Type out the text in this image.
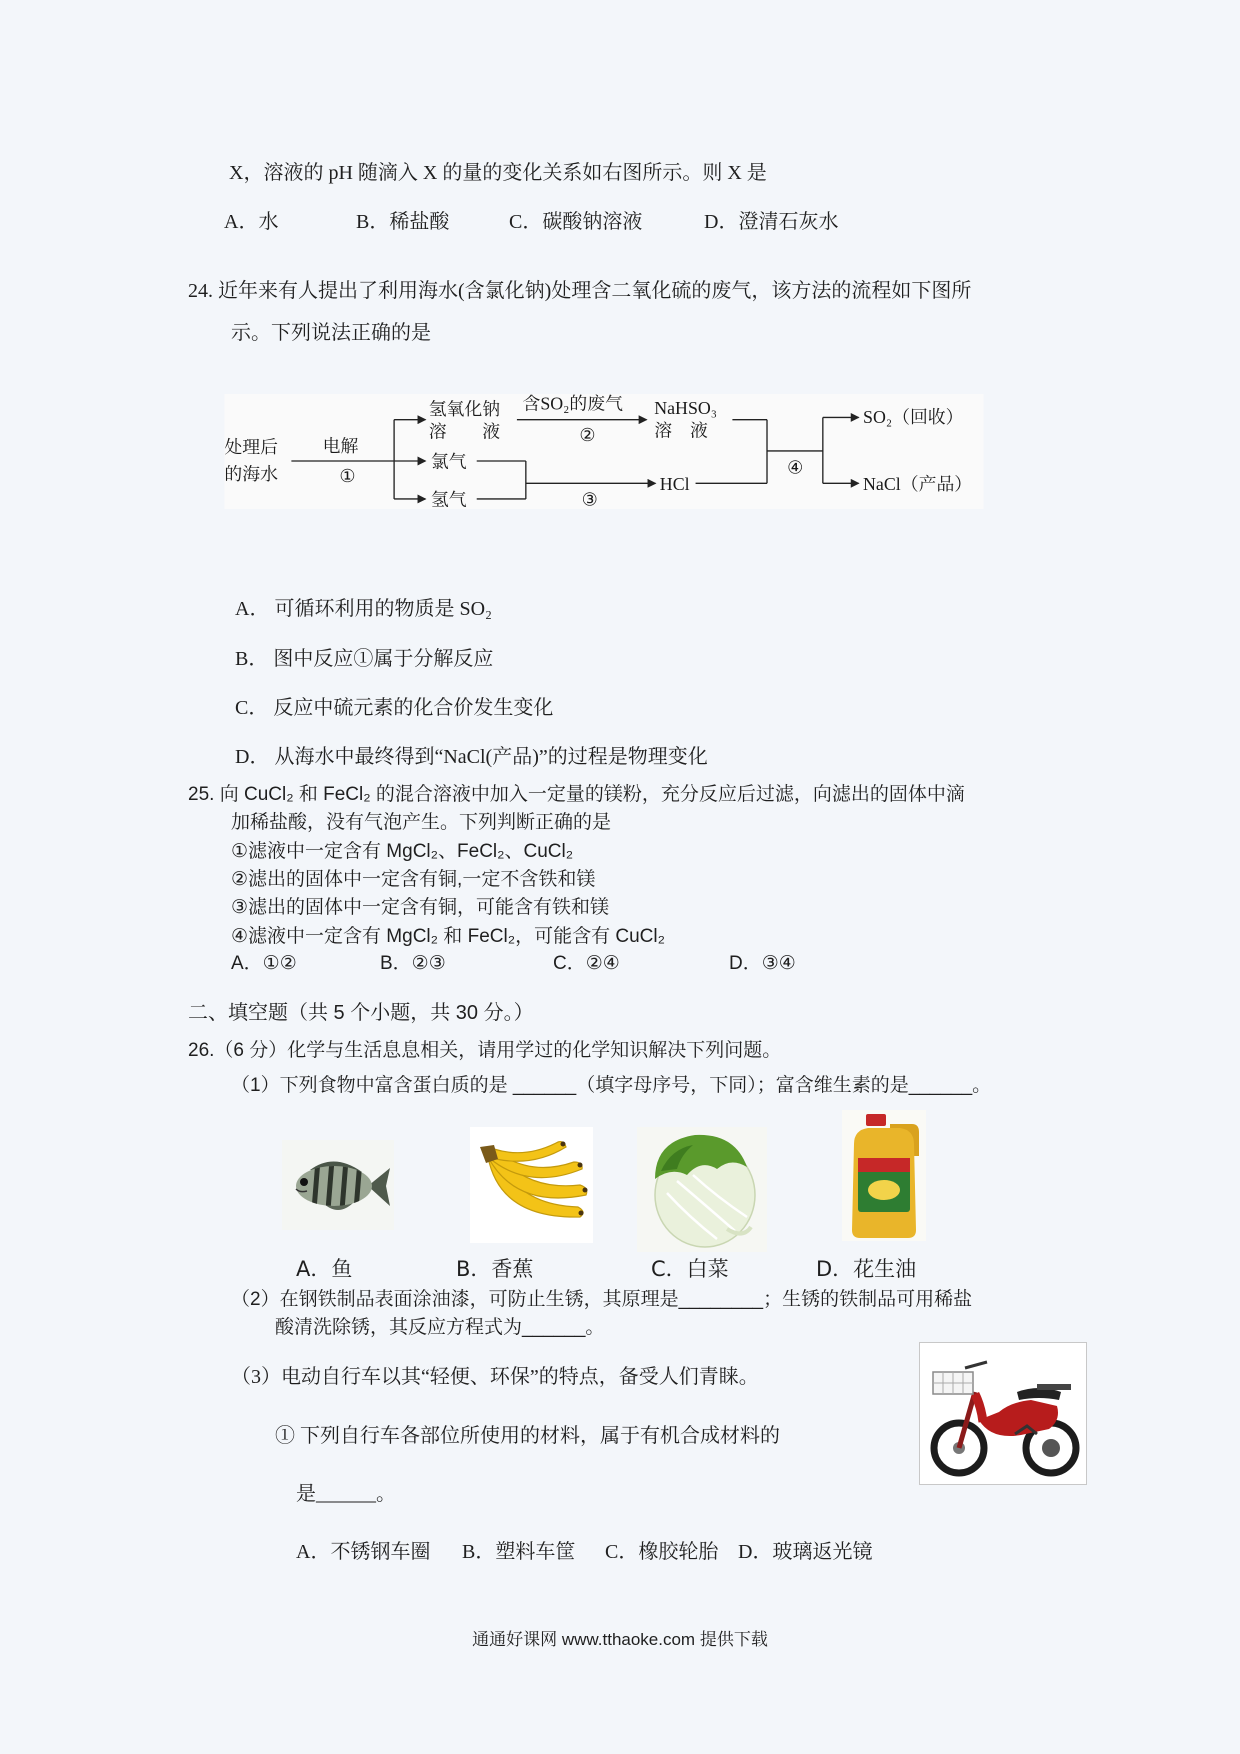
X，溶液的 pH 随滴入 X 的量的变化关系如右图所示。则 X 是
A．水	B．稀盐酸	C．碳酸钠溶液	D．澄清石灰水
24. 近年来有人提出了利用海水(含氯化钠)处理含二氧化硫的废气，该方法的流程如下图所
示。下列说法正确的是
处理后
的海水
电解
①
氢氧化钠
溶　　液
氯气
氢气
含SO₂的废气
②
NaHSO₃
溶　液
HCl
③
④
SO₂（回收）
NaCl（产品）
A． 可循环利用的物质是 SO₂
B． 图中反应①属于分解反应
C． 反应中硫元素的化合价发生变化
D． 从海水中最终得到“NaCl(产品)”的过程是物理变化
25. 向 CuCl₂ 和 FeCl₂ 的混合溶液中加入一定量的镁粉，充分反应后过滤，向滤出的固体中滴
加稀盐酸，没有气泡产生。下列判断正确的是
①滤液中一定含有 MgCl₂、FeCl₂、CuCl₂
②滤出的固体中一定含有铜,一定不含铁和镁
③滤出的固体中一定含有铜，可能含有铁和镁
④滤液中一定含有 MgCl₂ 和 FeCl₂，可能含有 CuCl₂
A．①②	B．②③	C．②④	D．③④
二、填空题（共 5 个小题，共 30 分。）
26.（6 分）化学与生活息息相关，请用学过的化学知识解决下列问题。
（1）下列食物中富含蛋白质的是 ______（填字母序号，下同）；富含维生素的是______。
A．鱼	B．香蕉	C．白菜	D．花生油
（2）在钢铁制品表面涂油漆，可防止生锈，其原理是________；生锈的铁制品可用稀盐
酸清洗除锈，其反应方程式为______。
（3）电动自行车以其“轻便、环保”的特点，备受人们青睐。
① 下列自行车各部位所使用的材料，属于有机合成材料的
是______。
A．不锈钢车圈 B．塑料车筐 C．橡胶轮胎 D．玻璃返光镜
通通好课网 www.tthaoke.com 提供下载
